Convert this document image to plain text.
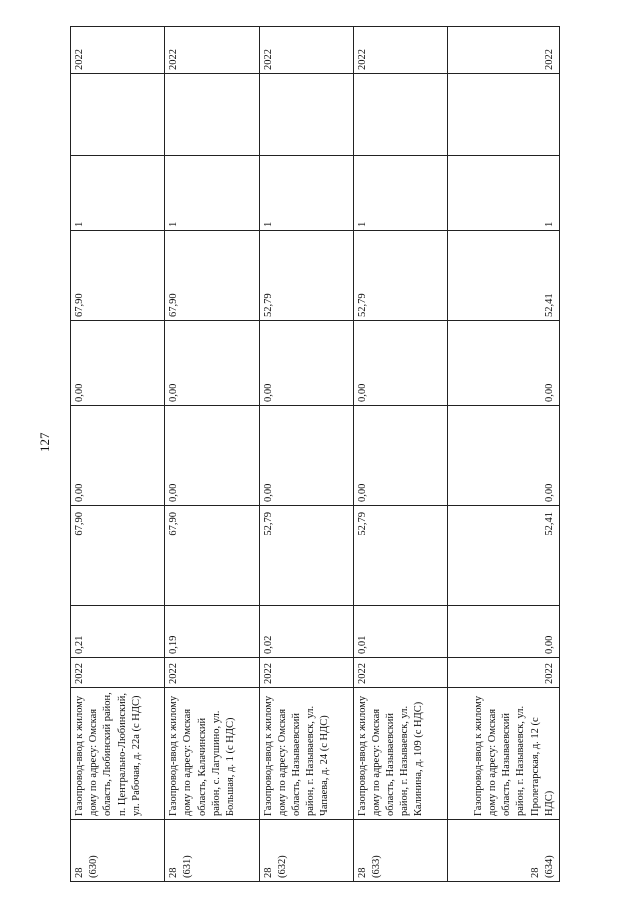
127
28
(630)	Газопровод-ввод к жилому дому по адресу: Омская область, Любинский район, п. Центрально-Любинский, ул. Рабочая, д. 22а (с НДС)	2022	0,21	67,90	0,00	0,00	67,90	1		2022	
28
(631)	Газопровод-ввод к жилому дому по адресу: Омская область, Калачинский район, с. Лагушино, ул. Большая, д. 1 (с НДС)	2022	0,19	67,90	0,00	0,00	67,90	1		2022	
28
(632)	Газопровод-ввод к жилому дому по адресу: Омская область, Называевский район, г. Называевск, ул. Чапаева, д. 24 (с НДС)	2022	0,02	52,79	0,00	0,00	52,79	1		2022	
28
(633)	Газопровод-ввод к жилому дому по адресу: Омская область, Называевский район, г. Называевск, ул. Калинина, д. 109 (с НДС)	2022	0,01	52,79	0,00	0,00	52,79	1		2022	
28
(634)	Газопровод-ввод к жилому дому по адресу: Омская область, Называевский район, г. Называевск, ул. Пролетарская, д. 12 (с НДС)	2022	0,00	52,41	0,00	0,00	52,41	1		2022	
